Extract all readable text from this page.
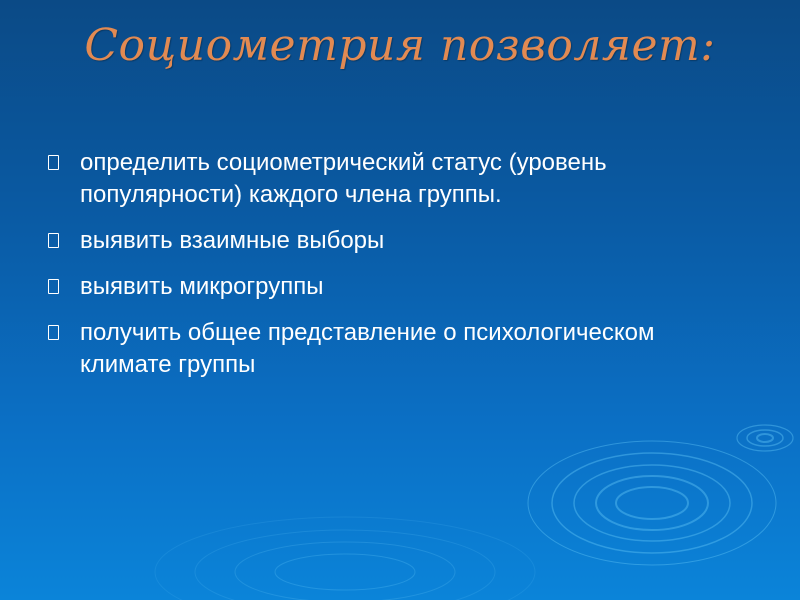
Социометрия позволяет:
определить социометрический статус (уровень популярности) каждого члена группы.
выявить взаимные выборы
выявить микрогруппы
получить общее представление о психологическом климате группы
